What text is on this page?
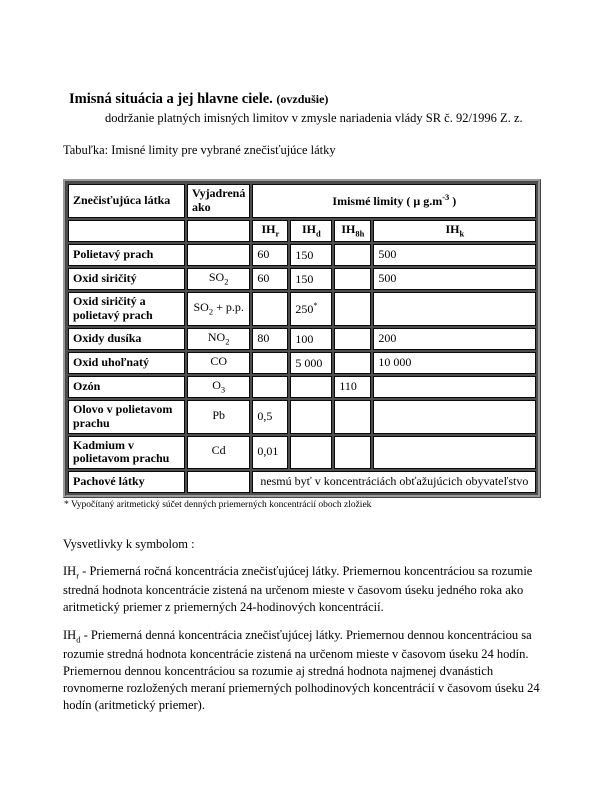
Imisná situácia a jej hlavne ciele. (ovzdušie)

dodržanie platných imisných limitov v zmysle nariadenia vlády SR č. 92/1996 Z. z.

Tabuľka: Imisné limity pre vybrané znečisťujúce látky

Znečisťujúca látka	Vyjadrená ako	Imismé limity ( μ $g.m^{-3}$ )			
		$IH_r$	$IH_d$	$IH_{8h}$	$IH_k$
Polietavý prach		60	150		500
Oxid siričitý	$SO_2$	60	150		500
Oxid siričitý a polietavý prach	$SO_2 + p.p$.		250*		
Oxidy dusíka	$NO_2$	80	100		200
Oxid uhoľnatý	CO		5 000		10 000
Ozón	$O_3$			110	
Olovo v polietavom prachu	Pb	0,5			
Kadmium v polietavom prachu	Cd	0,01			
Pachové látky		nesmú byť v koncentráciách obťažujúcich obyvateľstvo			

* Vypočítaný aritmetický súčet denných priemerných koncentrácií oboch zložiek

Vysvetlivky k symbolom :

$IH_r$ - Priemerná ročná koncentrácia znečisťujúcej látky. Priemernou koncentráciou sa rozumie stredná hodnota koncentrácie zistená na určenom mieste v časovom úseku jedného roka ako aritmetický priemer z priemerných 24-hodinových koncentrácií.

$IH_d$ - Priemerná denná koncentrácia znečisťujúcej látky. Priemernou dennou koncentráciou sa rozumie stredná hodnota koncentrácie zistená na určenom mieste v časovom úseku 24 hodín. Priemernou dennou koncentráciou sa rozumie aj stredná hodnota najmenej dvanástich rovnomerne rozložených meraní priemerných polhodinových koncentrácií v časovom úseku 24 hodín (aritmetický priemer).
